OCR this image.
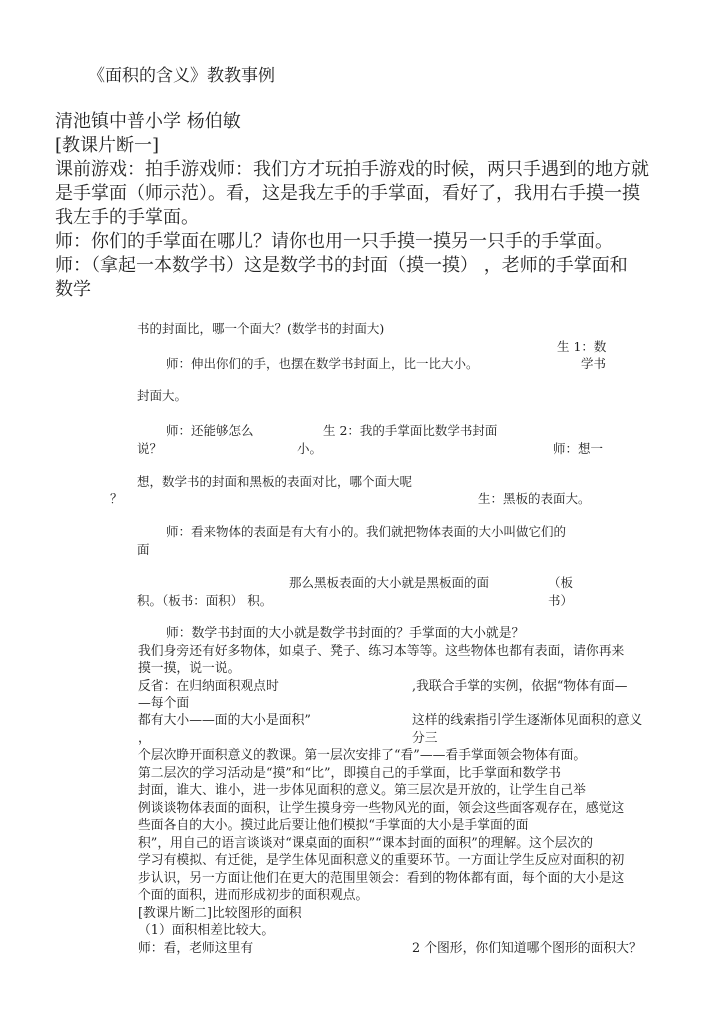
《面积的含义》教教事例
清池镇中普小学 杨伯敏
[教课片断一]
课前游戏：拍手游戏师：我们方才玩拍手游戏的时候，两只手遇到的地方就
是手掌面（师示范）。看，这是我左手的手掌面，看好了，我用右手摸一摸
我左手的手掌面。
师：你们的手掌面在哪儿？请你也用一只手摸一摸另一只手的手掌面。
师：（拿起一本数学书）这是数学书的封面（摸一摸） ，老师的手掌面和
数学
书的封面比，哪一个面大？(数学书的封面大)
生 1：数
师：伸出你们的手，也摆在数学书封面上，比一比大小。	学书
封面大。
师：还能够怎么	生 2：我的手掌面比数学书封面
说？	小。	师：想一
想，数学书的封面和黑板的表面对比，哪个面大呢
？	生：黑板的表面大。
师：看来物体的表面是有大有小的。我们就把物体表面的大小叫做它们的
面
那么黑板表面的大小就是黑板面的面	（板
积。（板书：面积） 积。	书）
师：数学书封面的大小就是数学书封面的？手掌面的大小就是？
我们身旁还有好多物体，如桌子、凳子、练习本等等。这些物体也都有表面，请你再来
摸一摸，说一说。
反省：在归纳面积观点时	,我联合手掌的实例，依据“物体有面—
—每个面
都有大小——面的大小是面积”	这样的线索指引学生逐渐体见面积的意义
，	分三
个层次睁开面积意义的教课。第一层次安排了“看”——看手掌面领会物体有面。
第二层次的学习活动是“摸”和“比”，即摸自己的手掌面，比手掌面和数学书
封面，谁大、谁小，进一步体见面积的意义。第三层次是开放的，让学生自己举
例谈谈物体表面的面积，让学生摸身旁一些物风光的面，领会这些面客观存在，感觉这
些面各自的大小。摸过此后要让他们模拟“手掌面的大小是手掌面的面
积”，用自己的语言谈谈对“课桌面的面积”“课本封面的面积”的理解。这个层次的
学习有模拟、有迁徙，是学生体见面积意义的重要环节。一方面让学生反应对面积的初
步认识，另一方面让他们在更大的范围里领会：看到的物体都有面，每个面的大小是这
个面的面积，进而形成初步的面积观点。
[教课片断二]比较图形的面积
（1）面积相差比较大。
师：看，老师这里有	2 个图形，你们知道哪个图形的面积大？
